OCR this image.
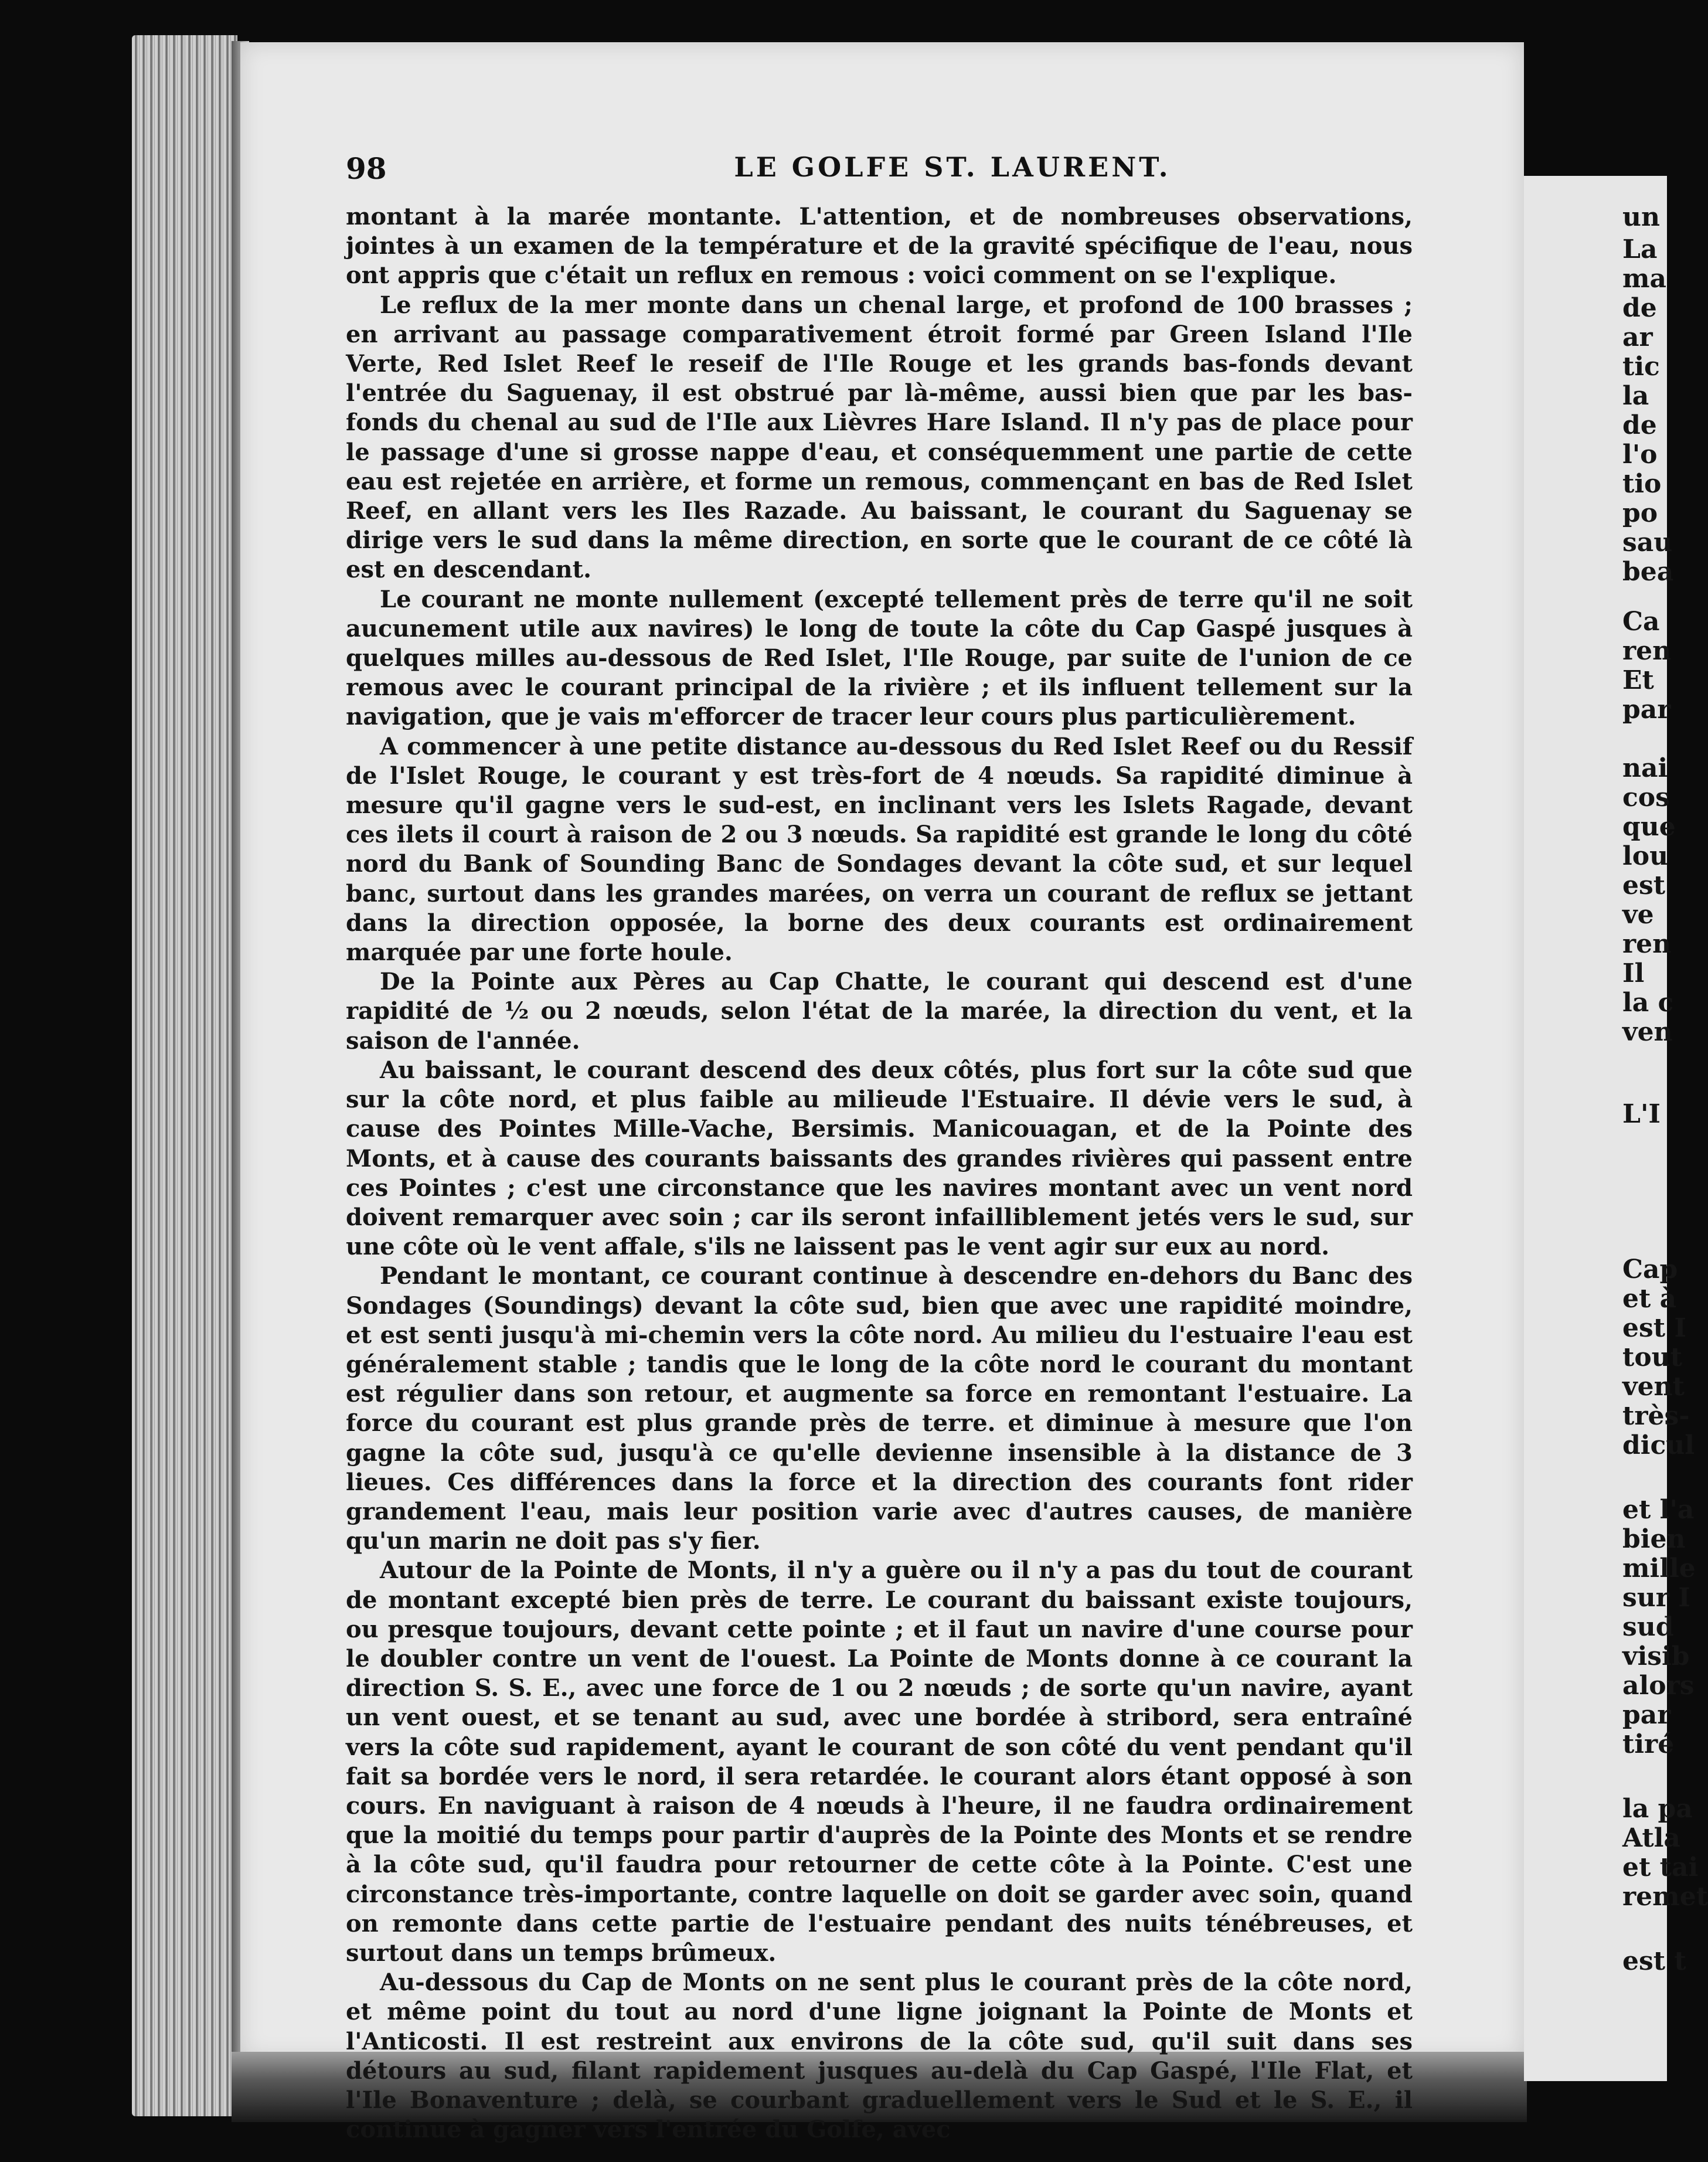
un
La
ma
de
ar
tic
la
de
l'o
tio
po
sau
bea
Ca
ren
Et
par
nai
cos
que
lou
est
ve
ren
Il
la c
ven
L'I
Cap
et à
est I
tout
vent
très-
dicul
et l'a
bien
mille
sur I
sud
visib
alors
par
tiré
la pa
Atla
et tai
remet
est t
98	LE GOLFE ST. LAURENT.

montant à la marée montante. L'attention, et de nombreuses observations, jointes à un examen de la température et de la gravité spécifique de l'eau, nous ont appris que c'était un reflux en remous : voici comment on se l'explique.

Le reflux de la mer monte dans un chenal large, et profond de 100 brasses ; en arrivant au passage comparativement étroit formé par Green Island l'Ile Verte, Red Islet Reef le reseif de l'Ile Rouge et les grands bas-fonds devant l'entrée du Saguenay, il est obstrué par là-même, aussi bien que par les bas-fonds du chenal au sud de l'Ile aux Lièvres Hare Island. Il n'y pas de place pour le passage d'une si grosse nappe d'eau, et conséquemment une partie de cette eau est rejetée en arrière, et forme un remous, commençant en bas de Red Islet Reef, en allant vers les Iles Razade. Au baissant, le courant du Saguenay se dirige vers le sud dans la même direction, en sorte que le courant de ce côté là est en descendant.

Le courant ne monte nullement (excepté tellement près de terre qu'il ne soit aucunement utile aux navires) le long de toute la côte du Cap Gaspé jusques à quelques milles au-dessous de Red Islet, l'Ile Rouge, par suite de l'union de ce remous avec le courant principal de la rivière ; et ils influent tellement sur la navigation, que je vais m'efforcer de tracer leur cours plus particulièrement.

A commencer à une petite distance au-dessous du Red Islet Reef ou du Ressif de l'Islet Rouge, le courant y est très-fort de 4 nœuds. Sa rapidité diminue à mesure qu'il gagne vers le sud-est, en inclinant vers les Islets Ragade, devant ces ilets il court à raison de 2 ou 3 nœuds. Sa rapidité est grande le long du côté nord du Bank of Sounding Banc de Sondages devant la côte sud, et sur lequel banc, surtout dans les grandes marées, on verra un courant de reflux se jettant dans la direction opposée, la borne des deux courants est ordinairement marquée par une forte houle.

De la Pointe aux Pères au Cap Chatte, le courant qui descend est d'une rapidité de ½ ou 2 nœuds, selon l'état de la marée, la direction du vent, et la saison de l'année.

Au baissant, le courant descend des deux côtés, plus fort sur la côte sud que sur la côte nord, et plus faible au milieude l'Estuaire. Il dévie vers le sud, à cause des Pointes Mille-Vache, Bersimis. Manicouagan, et de la Pointe des Monts, et à cause des courants baissants des grandes rivières qui passent entre ces Pointes ; c'est une circonstance que les navires montant avec un vent nord doivent remarquer avec soin ; car ils seront infailliblement jetés vers le sud, sur une côte où le vent affale, s'ils ne laissent pas le vent agir sur eux au nord.

Pendant le montant, ce courant continue à descendre en-dehors du Banc des Sondages (Soundings) devant la côte sud, bien que avec une rapidité moindre, et est senti jusqu'à mi-chemin vers la côte nord. Au milieu du l'estuaire l'eau est généralement stable ; tandis que le long de la côte nord le courant du montant est régulier dans son retour, et augmente sa force en remontant l'estuaire. La force du courant est plus grande près de terre. et diminue à mesure que l'on gagne la côte sud, jusqu'à ce qu'elle devienne insensible à la distance de 3 lieues. Ces différences dans la force et la direction des courants font rider grandement l'eau, mais leur position varie avec d'autres causes, de manière qu'un marin ne doit pas s'y fier.

Autour de la Pointe de Monts, il n'y a guère ou il n'y a pas du tout de courant de montant excepté bien près de terre. Le courant du baissant existe toujours, ou presque toujours, devant cette pointe ; et il faut un navire d'une course pour le doubler contre un vent de l'ouest. La Pointe de Monts donne à ce courant la direction S. S. E., avec une force de 1 ou 2 nœuds ; de sorte qu'un navire, ayant un vent ouest, et se tenant au sud, avec une bordée à stribord, sera entraîné vers la côte sud rapidement, ayant le courant de son côté du vent pendant qu'il fait sa bordée vers le nord, il sera retardée. le courant alors étant opposé à son cours. En naviguant à raison de 4 nœuds à l'heure, il ne faudra ordinairement que la moitié du temps pour partir d'auprès de la Pointe des Monts et se rendre à la côte sud, qu'il faudra pour retourner de cette côte à la Pointe. C'est une circonstance très-importante, contre laquelle on doit se garder avec soin, quand on remonte dans cette partie de l'estuaire pendant des nuits ténébreuses, et surtout dans un temps brûmeux.

Au-dessous du Cap de Monts on ne sent plus le courant près de la côte nord, et même point du tout au nord d'une ligne joignant la Pointe de Monts et l'Anticosti. Il est restreint aux environs de la côte sud, qu'il suit dans ses détours au sud, filant rapidement jusques au-delà du Cap Gaspé, l'Ile Flat, et l'Ile Bonaventure ; delà, se courbant graduellement vers le Sud et le S. E., il continue à gagner vers l'entrée du Golfe, avec
